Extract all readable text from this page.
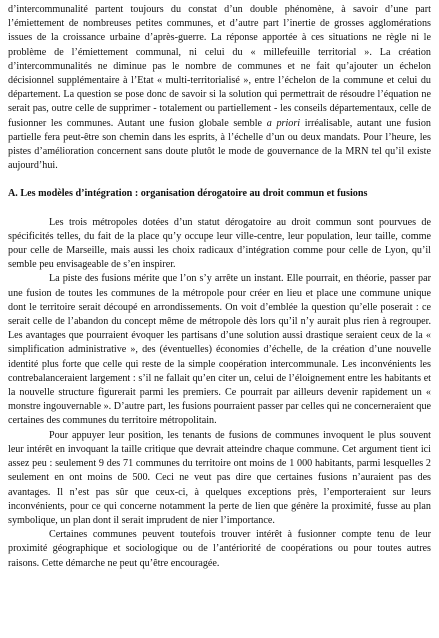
d’intercommunalité partent toujours du constat d’un double phénomène, à savoir d’une part l’émiettement de nombreuses petites communes, et d’autre part l’inertie de grosses agglomérations issues de la croissance urbaine d’après-guerre. La réponse apportée à ces situations ne règle ni le problème de l’émiettement communal, ni celui du « millefeuille territorial ». La création d’intercommunalités ne diminue pas le nombre de communes et ne fait qu’ajouter un échelon décisionnel supplémentaire à l’Etat « multi-territorialisé », entre l’échelon de la commune et celui du département. La question se pose donc de savoir si la solution qui permettrait de résoudre l’équation ne serait pas, outre celle de supprimer - totalement ou partiellement - les conseils départementaux, celle de fusionner les communes. Autant une fusion globale semble a priori irréalisable, autant une fusion partielle fera peut-être son chemin dans les esprits, à l’échelle d’un ou deux mandats. Pour l’heure, les pistes d’amélioration concernent sans doute plutôt le mode de gouvernance de la MRN tel qu’il existe aujourd’hui.

A. Les modèles d’intégration : organisation dérogatoire au droit commun et fusions

Les trois métropoles dotées d’un statut dérogatoire au droit commun sont pourvues de spécificités telles, du fait de la place qu’y occupe leur ville-centre, leur population, leur taille, comme pour celle de Marseille, mais aussi les choix radicaux d’intégration comme pour celle de Lyon, qu’il semble peu envisageable de s’en inspirer.

La piste des fusions mérite que l’on s’y arrête un instant. Elle pourrait, en théorie, passer par une fusion de toutes les communes de la métropole pour créer en lieu et place une commune unique dont le territoire serait découpé en arrondissements. On voit d’emblée la question qu’elle poserait : ce serait celle de l’abandon du concept même de métropole dès lors qu’il n’y aurait plus rien à regrouper. Les avantages que pourraient évoquer les partisans d’une solution aussi drastique seraient ceux de la « simplification administrative », des (éventuelles) économies d’échelle, de la création d’une nouvelle identité plus forte que celle qui reste de la simple coopération intercommunale. Les inconvénients les contrebalanceraient largement : s’il ne fallait qu’en citer un, celui de l’éloignement entre les habitants et la nouvelle structure figurerait parmi les premiers. Ce pourrait par ailleurs devenir rapidement un « monstre ingouvernable ». D’autre part, les fusions pourraient passer par celles qui ne concerneraient que certaines des communes du territoire métropolitain.

Pour appuyer leur position, les tenants de fusions de communes invoquent le plus souvent leur intérêt en invoquant la taille critique que devrait atteindre chaque commune. Cet argument tient ici assez peu : seulement 9 des 71 communes du territoire ont moins de 1 000 habitants, parmi lesquelles 2 seulement en ont moins de 500. Ceci ne veut pas dire que certaines fusions n’auraient pas des avantages. Il n’est pas sûr que ceux-ci, à quelques exceptions près, l’emporteraient sur leurs inconvénients, pour ce qui concerne notamment la perte de lien que génère la proximité, fusse au plan symbolique, un plan dont il serait imprudent de nier l’importance.

Certaines communes peuvent toutefois trouver intérêt à fusionner compte tenu de leur proximité géographique et sociologique ou de l’antériorité de coopérations ou pour toutes autres raisons. Cette démarche ne peut qu’être encouragée.
